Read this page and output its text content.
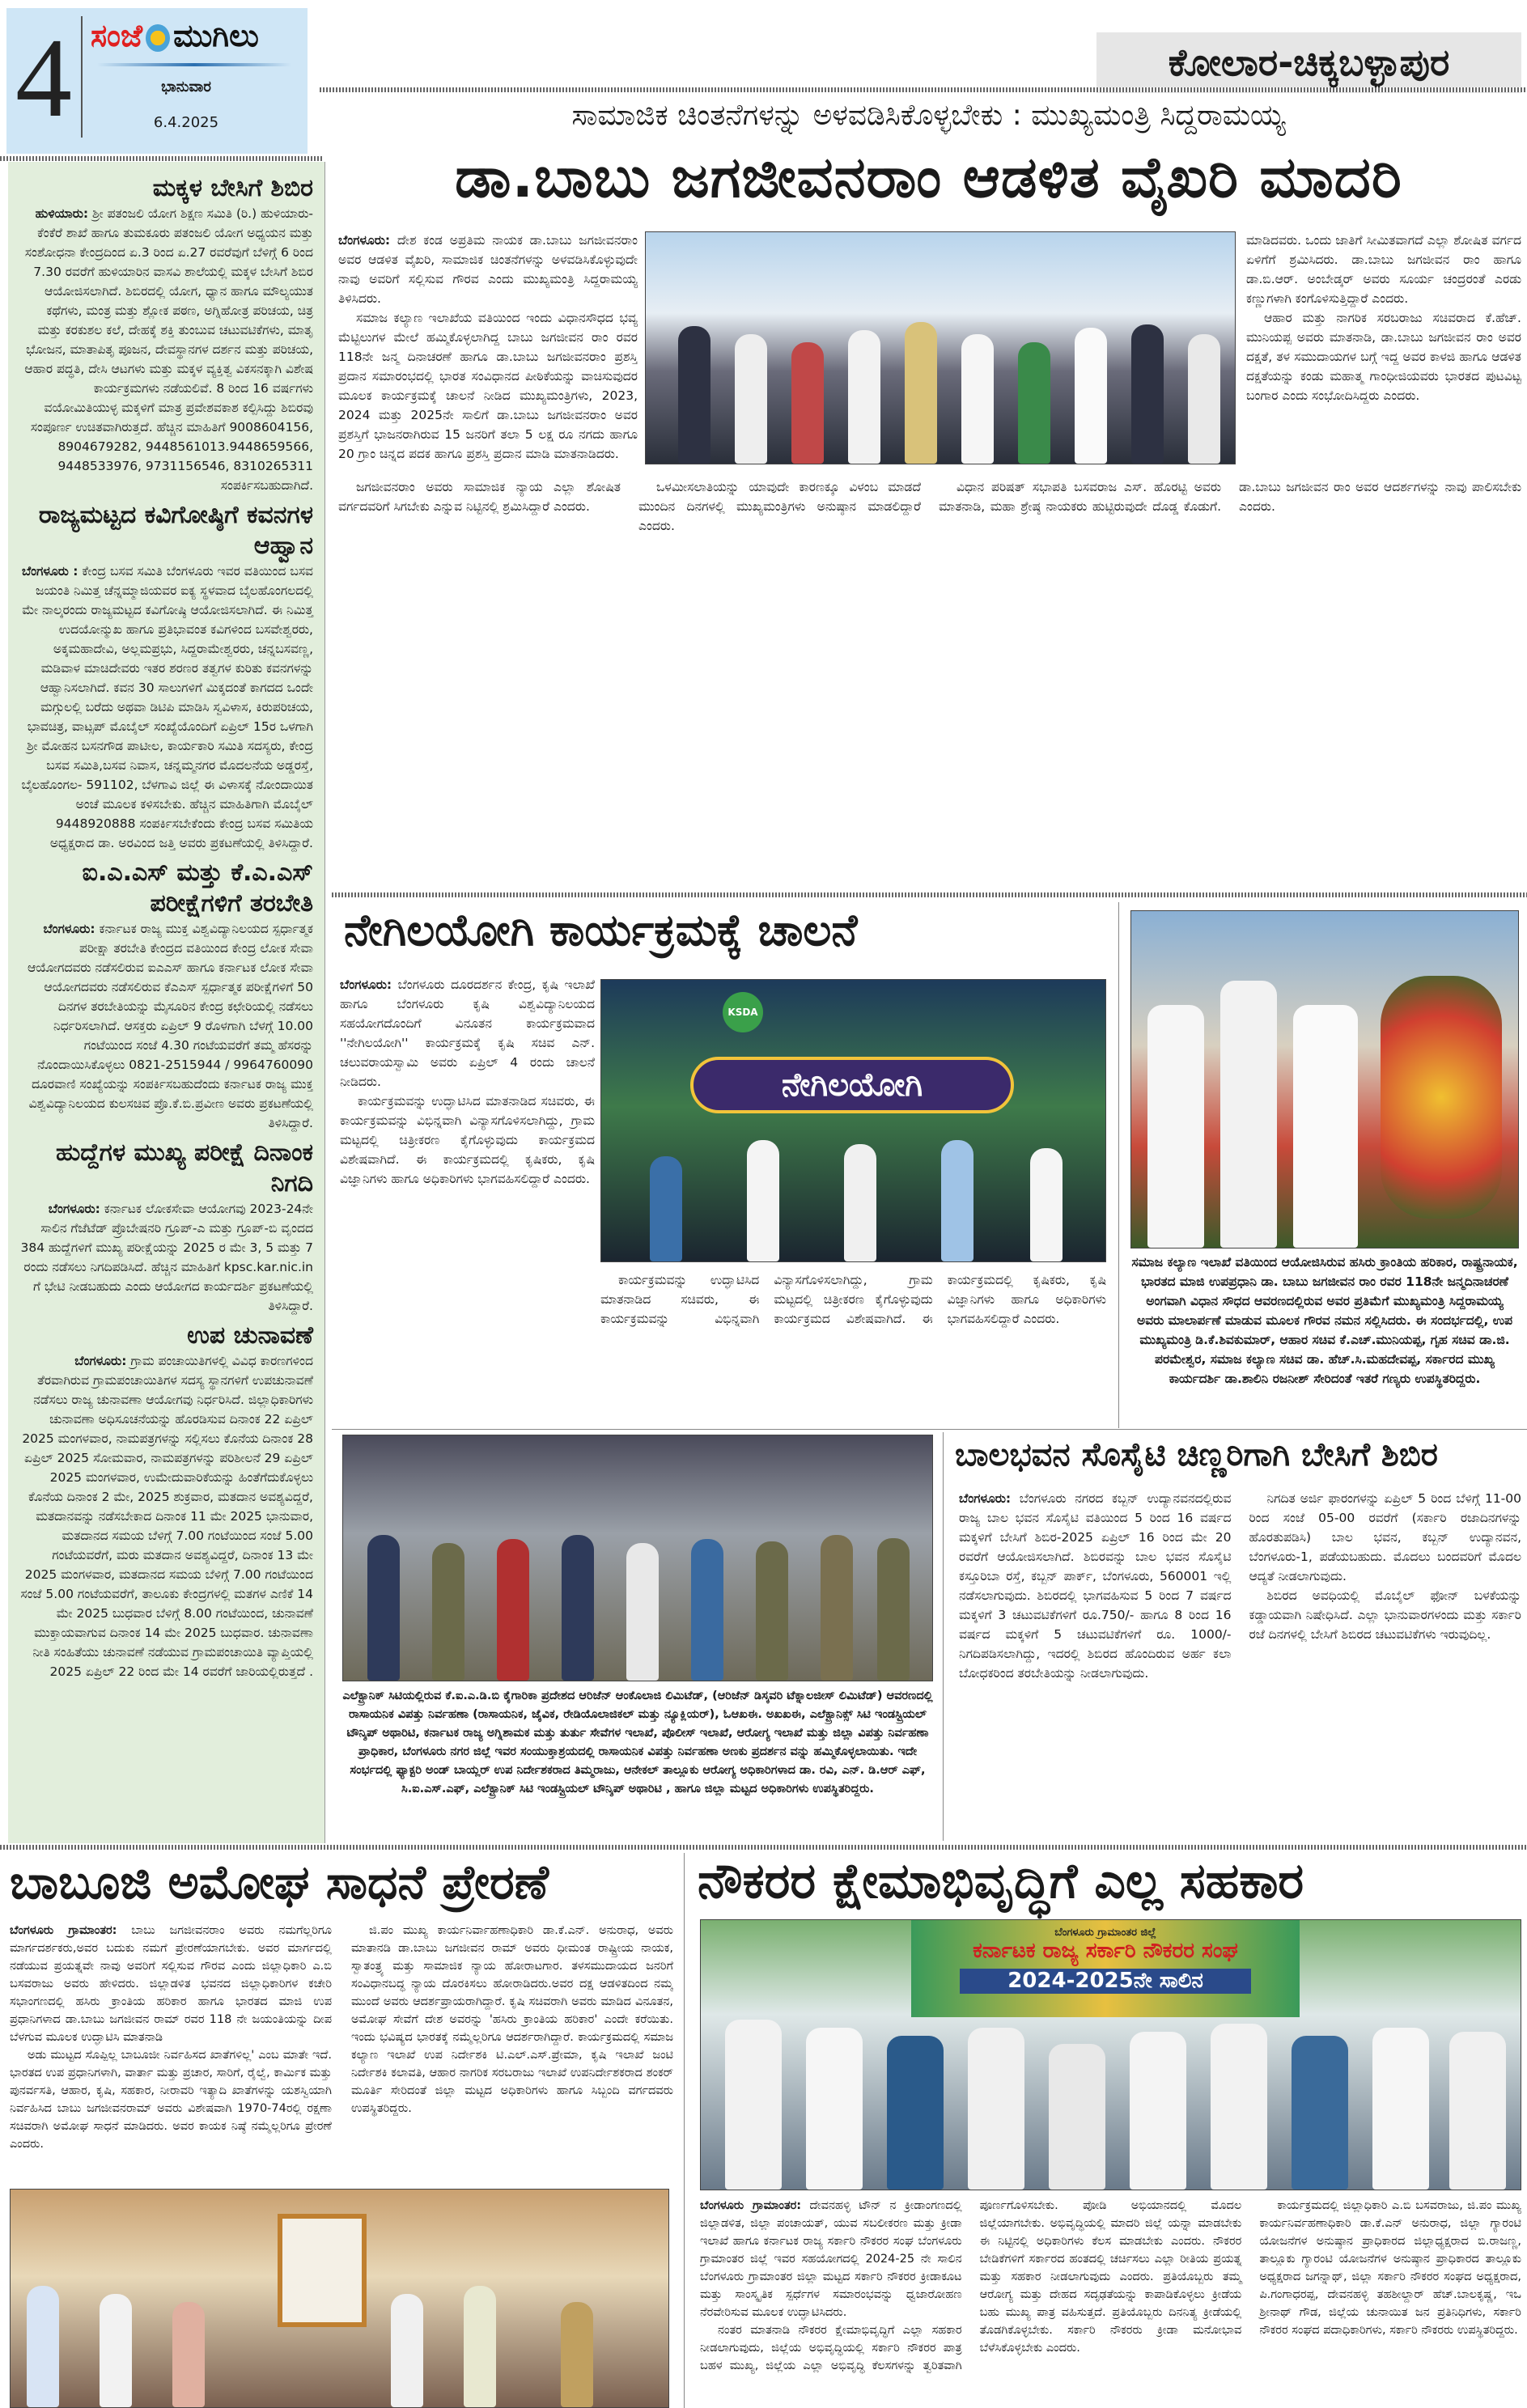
4 ಸಂಜೆ ಮುಗಿಲು
ಭಾನುವಾರ
6.4.2025
ಕೋಲಾರ-ಚಿಕ್ಕಬಳ್ಳಾಪುರ
ಮಕ್ಕಳ ಬೇಸಿಗೆ ಶಿಬಿರ

ಹುಳಿಯಾರು: ಶ್ರೀ ಪತಂಜಲಿ ಯೋಗ ಶಿಕ್ಷಣ ಸಮಿತಿ (ರಿ.) ಹುಳಿಯಾರು-ಕೆಂಕೆರೆ ಶಾಖೆ ಹಾಗೂ ತುಮಕೂರು ಪತಂಜಲಿ ಯೋಗ ಅಧ್ಯಯನ ಮತ್ತು ಸಂಶೋಧನಾ ಕೇಂದ್ರದಿಂದ ಏ.3 ರಿಂದ ಏ.27 ರವರೆವುಗೆ ಬೆಳಿಗ್ಗೆ 6 ರಿಂದ 7.30 ರವರೆಗೆ ಹುಳಿಯಾರಿನ ವಾಸವಿ ಶಾಲೆಯಲ್ಲಿ ಮಕ್ಕಳ ಬೇಸಿಗೆ ಶಿಬಿರ ಆಯೋಜಿಸಲಾಗಿದೆ. ಶಿಬಿರದಲ್ಲಿ ಯೋಗ, ಧ್ಯಾನ ಹಾಗೂ ಮೌಲ್ಯಯುತ ಕಥೆಗಳು, ಮಂತ್ರ ಮತ್ತು ಶ್ಲೋಕ ಪಠಣ, ಅಗ್ನಿಹೋತ್ರ ಪರಿಚಯ, ಚಿತ್ರ ಮತ್ತು ಕರಕುಶಲ ಕಲೆ, ದೇಹಕ್ಕೆ ಶಕ್ತಿ ತುಂಬುವ ಚಟುವಟಿಕೆಗಳು, ಮಾತೃ ಭೋಜನ, ಮಾತಾಪಿತೃ ಪೂಜನ, ದೇವಸ್ಥಾನಗಳ ದರ್ಶನ ಮತ್ತು ಪರಿಚಯ, ಆಹಾರ ಪದ್ಧತಿ, ದೇಸಿ ಆಟಗಳು ಮತ್ತು ಮಕ್ಕಳ ವ್ಯಕ್ತಿತ್ವ ವಿಕಸನಕ್ಕಾಗಿ ವಿಶೇಷ ಕಾರ್ಯಕ್ರಮಗಳು ನಡೆಯಲಿವೆ. 8 ರಿಂದ 16 ವರ್ಷಗಳು ವಯೋಮಿತಿಯುಳ್ಳ ಮಕ್ಕಳಿಗೆ ಮಾತ್ರ ಪ್ರವೇಶವಕಾಶ ಕಲ್ಪಿಸಿದ್ದು ಶಿಬಿರವು ಸಂಪೂರ್ಣ ಉಚಿತವಾಗಿರುತ್ತದೆ. ಹೆಚ್ಚಿನ ಮಾಹಿತಿಗೆ 9008604156, 8904679282, 9448561013.9448659566, 9448533976, 9731156546, 8310265311 ಸಂಪರ್ಕಿಸಬಹುದಾಗಿದೆ.

ರಾಜ್ಯಮಟ್ಟದ ಕವಿಗೋಷ್ಠಿಗೆ ಕವನಗಳ ಆಹ್ವಾನ

ಬೆಂಗಳೂರು : ಕೇಂದ್ರ ಬಸವ ಸಮಿತಿ ಬೆಂಗಳೂರು ಇವರ ವತಿಯಿಂದ ಬಸವ ಜಯಂತಿ ನಿಮಿತ್ತ ಚೆನ್ನಮ್ಮಾಜಿಯವರ ಐಕ್ಯ ಸ್ಥಳವಾದ ಬೈಲಹೊಂಗಲದಲ್ಲಿ ಮೇ ನಾಲ್ಕರಂದು ರಾಜ್ಯಮಟ್ಟದ ಕವಿಗೋಷ್ಠಿ ಆಯೋಜಿಸಲಾಗಿದೆ. ಈ ನಿಮಿತ್ತ ಉದಯೋನ್ಮುಖ ಹಾಗೂ ಪ್ರತಿಭಾವಂತ ಕವಿಗಳಿಂದ ಬಸವೇಶ್ವರರು, ಅಕ್ಕಮಹಾದೇವಿ, ಅಲ್ಲಮಪ್ರಭು, ಸಿದ್ದರಾಮೇಶ್ವರರು, ಚನ್ನಬಸವಣ್ಣ, ಮಡಿವಾಳ ಮಾಚಿದೇವರು ಇತರ ಶರಣರ ತತ್ವಗಳ ಕುರಿತು ಕವನಗಳನ್ನು ಆಹ್ವಾನಿಸಲಾಗಿದೆ. ಕವನ 30 ಸಾಲುಗಳಿಗೆ ಮಿಕ್ಕದಂತೆ ಕಾಗದದ ಒಂದೇ ಮಗ್ಗುಲಲ್ಲಿ ಬರೆದು ಅಥವಾ ಡಿಟಿಪಿ ಮಾಡಿಸಿ ಸ್ವವಿಳಾಸ, ಕಿರುಪರಿಚಯ, ಭಾವಚಿತ್ರ, ವಾಟ್ಸಪ್ ಮೊಬೈಲ್ ಸಂಖ್ಯೆಯೊಂದಿಗೆ ಏಪ್ರಿಲ್ 15ರ ಒಳಗಾಗಿ ಶ್ರೀ ಮೋಹನ ಬಸನಗೌಡ ಪಾಟೀಲ, ಕಾರ್ಯಕಾರಿ ಸಮಿತಿ ಸದಸ್ಯರು, ಕೇಂದ್ರ ಬಸವ ಸಮಿತಿ,ಬಸವ ನಿವಾಸ, ಚನ್ನಮ್ಮನಗರ ಮೊದಲನೆಯ ಅಡ್ಡರಸ್ತೆ, ಬೈಲಹೊಂಗಲ- 591102, ಬೆಳಗಾವಿ ಜಿಲ್ಲೆ ಈ ವಿಳಾಸಕ್ಕೆ ನೋಂದಾಯಿತ ಅಂಚೆ ಮೂಲಕ ಕಳಿಸಬೇಕು. ಹೆಚ್ಚಿನ ಮಾಹಿತಿಗಾಗಿ ಮೊಬೈಲ್ 9448920888 ಸಂಪರ್ಕಿಸಬೇಕೆಂದು ಕೇಂದ್ರ ಬಸವ ಸಮಿತಿಯ ಅಧ್ಯಕ್ಷರಾದ ಡಾ. ಅರವಿಂದ ಜತ್ತಿ ಅವರು ಪ್ರಕಟಣೆಯಲ್ಲಿ ತಿಳಿಸಿದ್ದಾರೆ.

ಐ.ಎ.ಎಸ್ ಮತ್ತು ಕೆ.ಎ.ಎಸ್ ಪರೀಕ್ಷೆಗಳಿಗೆ ತರಬೇತಿ

ಬೆಂಗಳೂರು: ಕರ್ನಾಟಕ ರಾಜ್ಯ ಮುಕ್ತ ವಿಶ್ವವಿದ್ಯಾನಿಲಯದ ಸ್ಪರ್ಧಾತ್ಮಕ ಪರೀಕ್ಷಾ ತರಬೇತಿ ಕೇಂದ್ರದ ವತಿಯಿಂದ ಕೇಂದ್ರ ಲೋಕ ಸೇವಾ ಆಯೋಗದವರು ನಡೆಸಲಿರುವ ಐಎಎಸ್ ಹಾಗೂ ಕರ್ನಾಟಕ ಲೋಕ ಸೇವಾ ಆಯೋಗದವರು ನಡೆಸಲಿರುವ ಕೆಎಎಸ್ ಸ್ಪರ್ಧಾತ್ಮಕ ಪರೀಕ್ಷೆಗಳಿಗೆ 50 ದಿನಗಳ ತರಬೇತಿಯನ್ನು ಮೈಸೂರಿನ ಕೇಂದ್ರ ಕಛೇರಿಯಲ್ಲಿ ನಡೆಸಲು ನಿರ್ಧರಿಸಲಾಗಿದೆ. ಆಸಕ್ತರು ಏಪ್ರಿಲ್ 9 ರೊಳಗಾಗಿ ಬೆಳಗ್ಗೆ 10.00 ಗಂಟೆಯಿಂದ ಸಂಜೆ 4.30 ಗಂಟೆಯವರೆಗೆ ತಮ್ಮ ಹೆಸರನ್ನು ನೊಂದಾಯಿಸಿಕೊಳ್ಳಲು 0821-2515944 / 9964760090 ದೂರವಾಣಿ ಸಂಖ್ಯೆಯನ್ನು ಸಂಪರ್ಕಿಸಬಹುದೆಂದು ಕರ್ನಾಟಕ ರಾಜ್ಯ ಮುಕ್ತ ವಿಶ್ವವಿದ್ಯಾನಿಲಯದ ಕುಲಸಚಿವ ಪ್ರೊ.ಕೆ.ಬಿ.ಪ್ರವೀಣ ಅವರು ಪ್ರಕಟಣೆಯಲ್ಲಿ ತಿಳಿಸಿದ್ದಾರೆ.

ಹುದ್ದೆಗಳ ಮುಖ್ಯ ಪರೀಕ್ಷೆ ದಿನಾಂಕ ನಿಗದಿ

ಬೆಂಗಳೂರು: ಕರ್ನಾಟಕ ಲೋಕಸೇವಾ ಆಯೋಗವು 2023-24ನೇ ಸಾಲಿನ ಗೆಜೆಟೆಡ್ ಪ್ರೊಬೇಷನರಿ ಗ್ರೂಪ್-ಎ ಮತ್ತು ಗ್ರೂಪ್-ಬಿ ವೃಂದದ 384 ಹುದ್ದೆಗಳಿಗೆ ಮುಖ್ಯ ಪರೀಕ್ಷೆಯನ್ನು 2025 ರ ಮೇ 3, 5 ಮತ್ತು 7 ರಂದು ನಡೆಸಲು ನಿಗದಿಪಡಿಸಿದೆ. ಹೆಚ್ಚಿನ ಮಾಹಿತಿಗೆ kpsc.kar.nic.in ಗೆ ಭೇಟಿ ನೀಡಬಹುದು ಎಂದು ಆಯೋಗದ ಕಾರ್ಯದರ್ಶಿ ಪ್ರಕಟಣೆಯಲ್ಲಿ ತಿಳಿಸಿದ್ದಾರೆ.

ಉಪ ಚುನಾವಣೆ

ಬೆಂಗಳೂರು: ಗ್ರಾಮ ಪಂಚಾಯಿತಿಗಳಲ್ಲಿ ವಿವಿಧ ಕಾರಣಗಳಿಂದ ತೆರವಾಗಿರುವ ಗ್ರಾಮಪಂಚಾಯಿತಿಗಳ ಸದಸ್ಯ ಸ್ಥಾನಗಳಿಗೆ ಉಪಚುನಾವಣೆ ನಡೆಸಲು ರಾಜ್ಯ ಚುನಾವಣಾ ಆಯೋಗವು ನಿರ್ಧರಿಸಿದೆ. ಜಿಲ್ಲಾಧಿಕಾರಿಗಳು ಚುನಾವಣಾ ಅಧಿಸೂಚನೆಯನ್ನು ಹೊರಡಿಸುವ ದಿನಾಂಕ 22 ಏಪ್ರಿಲ್ 2025 ಮಂಗಳವಾರ, ನಾಮಪತ್ರಗಳನ್ನು ಸಲ್ಲಿಸಲು ಕೊನೆಯ ದಿನಾಂಕ 28 ಏಪ್ರಿಲ್ 2025 ಸೋಮವಾರ, ನಾಮಪತ್ರಗಳನ್ನು ಪರಿಶೀಲನೆ 29 ಏಪ್ರಿಲ್ 2025 ಮಂಗಳವಾರ, ಉಮೇದುವಾರಿಕೆಯನ್ನು ಹಿಂತೆಗೆದುಕೊಳ್ಳಲು ಕೊನೆಯ ದಿನಾಂಕ 2 ಮೇ, 2025 ಶುಕ್ರವಾರ, ಮತದಾನ ಅವಶ್ಯವಿದ್ದರೆ, ಮತದಾನವನ್ನು ನಡೆಸಬೇಕಾದ ದಿನಾಂಕ 11 ಮೇ 2025 ಭಾನುವಾರ, ಮತದಾನದ ಸಮಯ ಬೆಳಿಗ್ಗೆ 7.00 ಗಂಟೆಯಿಂದ ಸಂಜೆ 5.00 ಗಂಟೆಯವರೆಗೆ, ಮರು ಮತದಾನ ಅವಶ್ಯವಿದ್ದರೆ, ದಿನಾಂಕ 13 ಮೇ 2025 ಮಂಗಳವಾರ, ಮತದಾನದ ಸಮಯ ಬೆಳಿಗ್ಗೆ 7.00 ಗಂಟೆಯಿಂದ ಸಂಜೆ 5.00 ಗಂಟೆಯವರೆಗೆ, ತಾಲೂಕು ಕೇಂದ್ರಗಳಲ್ಲಿ ಮತಗಳ ಎಣಿಕೆ 14 ಮೇ 2025 ಬುಧವಾರ ಬೆಳಿಗ್ಗೆ 8.00 ಗಂಟೆಯಿಂದ, ಚುನಾವಣೆ ಮುಕ್ತಾಯವಾಗುವ ದಿನಾಂಕ 14 ಮೇ 2025 ಬುಧವಾರ. ಚುನಾವಣಾ ನೀತಿ ಸಂಹಿತೆಯು ಚುನಾವಣೆ ನಡೆಯುವ ಗ್ರಾಮಪಂಚಾಯಿತಿ ವ್ಯಾಪ್ತಿಯಲ್ಲಿ 2025 ಏಪ್ರಿಲ್ 22 ರಿಂದ ಮೇ 14 ರವರೆಗೆ ಜಾರಿಯಲ್ಲಿರುತ್ತದೆ .

ಸಾಮಾಜಿಕ ಚಿಂತನೆಗಳನ್ನು ಅಳವಡಿಸಿಕೊಳ್ಳಬೇಕು : ಮುಖ್ಯಮಂತ್ರಿ ಸಿದ್ದರಾಮಯ್ಯ
ಡಾ.ಬಾಬು ಜಗಜೀವನರಾಂ ಆಡಳಿತ ವೈಖರಿ ಮಾದರಿ

ಬೆಂಗಳೂರು: ದೇಶ ಕಂಡ ಅಪ್ರತಿಮ ನಾಯಕ ಡಾ.ಬಾಬು ಜಗಜೀವನರಾಂ ಅವರ ಆಡಳಿತ ವೈಖರಿ, ಸಾಮಾಜಿಕ ಚಿಂತನೆಗಳನ್ನು ಅಳವಡಿಸಿಕೊಳ್ಳುವುದೇ ನಾವು ಅವರಿಗೆ ಸಲ್ಲಿಸುವ ಗೌರವ ಎಂದು ಮುಖ್ಯಮಂತ್ರಿ ಸಿದ್ದರಾಮಯ್ಯ ತಿಳಿಸಿದರು.

ಸಮಾಜ ಕಲ್ಯಾಣ ಇಲಾಖೆಯ ವತಿಯಿಂದ ಇಂದು ವಿಧಾನಸೌಧದ ಭವ್ಯ ಮೆಟ್ಟಿಲುಗಳ ಮೇಲೆ ಹಮ್ಮಿಕೊಳ್ಳಲಾಗಿದ್ದ ಬಾಬು ಜಗಜೀವನ ರಾಂ ರವರ 118ನೇ ಜನ್ಮ ದಿನಾಚರಣೆ ಹಾಗೂ ಡಾ.ಬಾಬು ಜಗಜೀವನರಾಂ ಪ್ರಶಸ್ತಿ ಪ್ರದಾನ ಸಮಾರಂಭದಲ್ಲಿ ಭಾರತ ಸಂವಿಧಾನದ ಪೀಠಿಕೆಯನ್ನು ವಾಚಿಸುವುದರ ಮೂಲಕ ಕಾರ್ಯಕ್ರಮಕ್ಕೆ ಚಾಲನೆ ನೀಡಿದ ಮುಖ್ಯಮಂತ್ರಿಗಳು, 2023, 2024 ಮತ್ತು 2025ನೇ ಸಾಲಿಗೆ ಡಾ.ಬಾಬು ಜಗಜೀವನರಾಂ ಅವರ ಪ್ರಶಸ್ತಿಗೆ ಭಾಜನರಾಗಿರುವ 15 ಜನರಿಗೆ ತಲಾ 5 ಲಕ್ಷ ರೂ ನಗದು ಹಾಗೂ 20 ಗ್ರಾಂ ಚಿನ್ನದ ಪದಕ ಹಾಗೂ ಪ್ರಶಸ್ತಿ ಪ್ರದಾನ ಮಾಡಿ ಮಾತನಾಡಿದರು.

ಮಾಡಿದವರು. ಒಂದು ಜಾತಿಗೆ ಸೀಮಿತವಾಗದೆ ಎಲ್ಲಾ ಶೋಷಿತ ವರ್ಗದ ಏಳಿಗೆಗೆ ಶ್ರಮಿಸಿದರು. ಡಾ.ಬಾಬು ಜಗಜೀವನ ರಾಂ ಹಾಗೂ ಡಾ.ಬಿ.ಆರ್. ಅಂಬೇಡ್ಕರ್ ಅವರು ಸೂರ್ಯ ಚಂದ್ರರಂತೆ ಎರಡು ಕಣ್ಣುಗಳಾಗಿ ಕಂಗೊಳಿಸುತ್ತಿದ್ದಾರೆ ಎಂದರು.

ಆಹಾರ ಮತ್ತು ನಾಗರಿಕ ಸರಬರಾಜು ಸಚಿವರಾದ ಕೆ.ಹೆಚ್. ಮುನಿಯಪ್ಪ ಅವರು ಮಾತನಾಡಿ, ಡಾ.ಬಾಬು ಜಗಜೀವನ ರಾಂ ಅವರ ದಕ್ಷತೆ, ತಳ ಸಮುದಾಯಗಳ ಬಗ್ಗೆ ಇದ್ದ ಅವರ ಕಾಳಜಿ ಹಾಗೂ ಆಡಳಿತ ದಕ್ಷತೆಯನ್ನು ಕಂಡು ಮಹಾತ್ಮ ಗಾಂಧೀಜಿಯವರು ಭಾರತದ ಪುಟವಿಟ್ಟ ಬಂಗಾರ ಎಂದು ಸಂಭೋದಿಸಿದ್ದರು ಎಂದರು.

ಜಗಜೀವನರಾಂ ಅವರು ಸಾಮಾಜಿಕ ನ್ಯಾಯ ಎಲ್ಲಾ ಶೋಷಿತ ವರ್ಗದವರಿಗೆ ಸಿಗಬೇಕು ಎನ್ನುವ ನಿಟ್ಟಿನಲ್ಲಿ ಶ್ರಮಿಸಿದ್ದಾರೆ ಎಂದರು.

ಒಳಮೀಸಲಾತಿಯನ್ನು ಯಾವುದೇ ಕಾರಣಕ್ಕೂ ವಿಳಂಬ ಮಾಡದೆ ಮುಂದಿನ ದಿನಗಳಲ್ಲಿ ಮುಖ್ಯಮಂತ್ರಿಗಳು ಅನುಷ್ಠಾನ ಮಾಡಲಿದ್ದಾರೆ ಎಂದರು.

ವಿಧಾನ ಪರಿಷತ್ ಸಭಾಪತಿ ಬಸವರಾಜ ಎಸ್. ಹೊರಟ್ಟಿ ಅವರು ಮಾತನಾಡಿ, ಮಹಾ ಶ್ರೇಷ್ಠ ನಾಯಕರು ಹುಟ್ಟಿರುವುದೇ ದೊಡ್ಡ ಕೊಡುಗೆ. ಡಾ.ಬಾಬು ಜಗಜೀವನ ರಾಂ ಅವರ ಆದರ್ಶಗಳನ್ನು ನಾವು ಪಾಲಿಸಬೇಕು ಎಂದರು.

ನೇಗಿಲಯೋಗಿ ಕಾರ್ಯಕ್ರಮಕ್ಕೆ ಚಾಲನೆ

ಬೆಂಗಳೂರು: ಬೆಂಗಳೂರು ದೂರದರ್ಶನ ಕೇಂದ್ರ, ಕೃಷಿ ಇಲಾಖೆ ಹಾಗೂ ಬೆಂಗಳೂರು ಕೃಷಿ ವಿಶ್ವವಿದ್ಯಾನಿಲಯದ ಸಹಯೋಗದೊಂದಿಗೆ ವಿನೂತನ ಕಾರ್ಯಕ್ರಮವಾದ ''ನೇಗಿಲಯೋಗಿ'' ಕಾರ್ಯಕ್ರಮಕ್ಕೆ ಕೃಷಿ ಸಚಿವ ಎನ್. ಚಲುವರಾಯಸ್ವಾಮಿ ಅವರು ಏಪ್ರಿಲ್ 4 ರಂದು ಚಾಲನೆ ನೀಡಿದರು.

ಕಾರ್ಯಕ್ರಮವನ್ನು ಉದ್ಘಾಟಿಸಿದ ಮಾತನಾಡಿದ ಸಚಿವರು, ಈ ಕಾರ್ಯಕ್ರಮವನ್ನು ವಿಭಿನ್ನವಾಗಿ ವಿನ್ಯಾಸಗೊಳಿಸಲಾಗಿದ್ದು, ಗ್ರಾಮ ಮಟ್ಟದಲ್ಲಿ ಚಿತ್ರೀಕರಣ ಕೈಗೊಳ್ಳುವುದು ಕಾರ್ಯಕ್ರಮದ ವಿಶೇಷವಾಗಿದೆ. ಈ ಕಾರ್ಯಕ್ರಮದಲ್ಲಿ ಕೃಷಿಕರು, ಕೃಷಿ ವಿಜ್ಞಾನಿಗಳು ಹಾಗೂ ಅಧಿಕಾರಿಗಳು ಭಾಗವಹಿಸಲಿದ್ದಾರೆ ಎಂದರು.

ನೇಗಿಲಯೋಗಿ
KSDA

ಕಾರ್ಯಕ್ರಮವನ್ನು ಉದ್ಘಾಟಿಸಿದ ಮಾತನಾಡಿದ ಸಚಿವರು, ಈ ಕಾರ್ಯಕ್ರಮವನ್ನು ವಿಭಿನ್ನವಾಗಿ ವಿನ್ಯಾಸಗೊಳಿಸಲಾಗಿದ್ದು, ಗ್ರಾಮ ಮಟ್ಟದಲ್ಲಿ ಚಿತ್ರೀಕರಣ ಕೈಗೊಳ್ಳುವುದು ಕಾರ್ಯಕ್ರಮದ ವಿಶೇಷವಾಗಿದೆ. ಈ ಕಾರ್ಯಕ್ರಮದಲ್ಲಿ ಕೃಷಿಕರು, ಕೃಷಿ ವಿಜ್ಞಾನಿಗಳು ಹಾಗೂ ಅಧಿಕಾರಿಗಳು ಭಾಗವಹಿಸಲಿದ್ದಾರೆ ಎಂದರು.

ಸಮಾಜ ಕಲ್ಯಾಣ ಇಲಾಖೆ ವತಿಯಿಂದ ಆಯೋಜಿಸಿರುವ ಹಸಿರು ಕ್ರಾಂತಿಯ ಹರಿಕಾರ, ರಾಷ್ಟ್ರನಾಯಕ, ಭಾರತದ ಮಾಜಿ ಉಪಪ್ರಧಾನಿ ಡಾ. ಬಾಬು ಜಗಜೀವನ ರಾಂ ರವರ 118ನೇ ಜನ್ಮದಿನಾಚರಣೆ ಅಂಗವಾಗಿ ವಿಧಾನ ಸೌಧದ ಆವರಣದಲ್ಲಿರುವ ಅವರ ಪ್ರತಿಮೆಗೆ ಮುಖ್ಯಮಂತ್ರಿ ಸಿದ್ದರಾಮಯ್ಯ ಅವರು ಮಾಲಾರ್ಪಣೆ ಮಾಡುವ ಮೂಲಕ ಗೌರವ ನಮನ ಸಲ್ಲಿಸಿದರು. ಈ ಸಂದರ್ಭದಲ್ಲಿ, ಉಪ ಮುಖ್ಯಮಂತ್ರಿ ಡಿ.ಕೆ.ಶಿವಕುಮಾರ್, ಆಹಾರ ಸಚಿವ ಕೆ.ಎಚ್.ಮುನಿಯಪ್ಪ, ಗೃಹ ಸಚಿವ ಡಾ.ಜಿ. ಪರಮೇಶ್ವರ, ಸಮಾಜ ಕಲ್ಯಾಣ ಸಚಿವ ಡಾ. ಹೆಚ್.ಸಿ.ಮಹದೇವಪ್ಪ, ಸರ್ಕಾರದ ಮುಖ್ಯ ಕಾರ್ಯದರ್ಶಿ ಡಾ.ಶಾಲಿನಿ ರಜನೀಶ್ ಸೇರಿದಂತೆ ಇತರೆ ಗಣ್ಯರು ಉಪಸ್ಥಿತರಿದ್ದರು.
ಎಲೆಕ್ಟ್ರಾನಿಕ್ ಸಿಟಿಯಲ್ಲಿರುವ ಕೆ.ಐ.ಎ.ಡಿ.ಬಿ ಕೈಗಾರಿಕಾ ಪ್ರದೇಶದ ಆರಿಜೆನ್ ಆಂಕೊಲಾಜಿ ಲಿಮಿಟೆಡ್, (ಆರಿಜೆನ್ ಡಿಸ್ಕವರಿ ಟೆಕ್ನಾಲಜೀಸ್ ಲಿಮಿಟೆಡ್) ಆವರಣದಲ್ಲಿ ರಾಸಾಯನಿಕ ವಿಪತ್ತು ನಿರ್ವಹಣಾ (ರಾಸಾಯನಿಕ, ಜೈವಿಕ, ರೇಡಿಯೊಲಾಜಿಕಲ್ ಮತ್ತು ನ್ಯೂಕ್ಲಿಯರ್), ಓಆಖಈ. ಅಖಖಈ, ಎಲೆಕ್ಟ್ರಾನಿಕ್ಸ್ ಸಿಟಿ ಇಂಡಸ್ಟ್ರಿಯಲ್ ಟೌನ್ಶಿಪ್ ಅಥಾರಿಟಿ, ಕರ್ನಾಟಕ ರಾಜ್ಯ ಅಗ್ನಿಶಾಮಕ ಮತ್ತು ತುರ್ತು ಸೇವೆಗಳ ಇಲಾಖೆ, ಪೊಲೀಸ್ ಇಲಾಖೆ, ಆರೋಗ್ಯ ಇಲಾಖೆ ಮತ್ತು ಜಿಲ್ಲಾ ವಿಪತ್ತು ನಿರ್ವಹಣಾ ಪ್ರಾಧಿಕಾರ, ಬೆಂಗಳೂರು ನಗರ ಜಿಲ್ಲೆ ಇವರ ಸಂಯುಕ್ತಾಶ್ರಯದಲ್ಲಿ ರಾಸಾಯನಿಕ ವಿಪತ್ತು ನಿರ್ವಹಣಾ ಅಣಕು ಪ್ರದರ್ಶನ ವನ್ನು ಹಮ್ಮಿಕೊಳ್ಳಲಾಯಿತು. ಇದೇ ಸಂರ್ಭದಲ್ಲಿ ಫ್ಯಾಕ್ಟರಿ ಅಂಡ್ ಬಾಯ್ಲರ್ ಉಪ ನಿರ್ದೇಶಕರಾದ ತಿಮ್ಮರಾಜು, ಆನೇಕಲ್ ತಾಲ್ಲೂಕು ಆರೋಗ್ಯ ಅಧಿಕಾರಿಗಳಾದ ಡಾ. ರವಿ, ಎನ್. ಡಿ.ಆರ್ ಎಫ್, ಸಿ.ಐ.ಎಸ್.ಎಫ್, ಎಲೆಕ್ಟ್ರಾನಿಕ್ ಸಿಟಿ ಇಂಡಸ್ಟ್ರಿಯಲ್ ಟೌನ್ಶಿಪ್ ಅಥಾರಿಟಿ , ಹಾಗೂ ಜಿಲ್ಲಾ ಮಟ್ಟದ ಅಧಿಕಾರಿಗಳು ಉಪಸ್ಥಿತರಿದ್ದರು.
ಬಾಲಭವನ ಸೊಸೈಟಿ ಚಿಣ್ಣರಿಗಾಗಿ ಬೇಸಿಗೆ ಶಿಬಿರ

ಬೆಂಗಳೂರು: ಬೆಂಗಳೂರು ನಗರದ ಕಬ್ಬನ್ ಉದ್ಯಾನವನದಲ್ಲಿರುವ ರಾಜ್ಯ ಬಾಲ ಭವನ ಸೊಸೈಟಿ ವತಿಯಿಂದ 5 ರಿಂದ 16 ವರ್ಷದ ಮಕ್ಕಳಿಗೆ ಬೇಸಿಗೆ ಶಿಬಿರ-2025 ಏಪ್ರಿಲ್ 16 ರಿಂದ ಮೇ 20 ರವರೆಗೆ ಆಯೋಜಿಸಲಾಗಿದೆ. ಶಿಬಿರವನ್ನು ಬಾಲ ಭವನ ಸೊಸೈಟಿ ಕಸ್ತೂರಿಬಾ ರಸ್ತೆ, ಕಬ್ಬನ್ ಪಾರ್ಕ್, ಬೆಂಗಳೂರು, 560001 ಇಲ್ಲಿ ನಡೆಸಲಾಗುವುದು. ಶಿಬಿರದಲ್ಲಿ ಭಾಗವಹಿಸುವ 5 ರಿಂದ 7 ವರ್ಷದ ಮಕ್ಕಳಿಗೆ 3 ಚಟುವಟಿಕೆಗಳಿಗೆ ರೂ.750/- ಹಾಗೂ 8 ರಿಂದ 16 ವರ್ಷದ ಮಕ್ಕಳಿಗೆ 5 ಚಟುವಟಿಕೆಗಳಿಗೆ ರೂ. 1000/- ನಿಗದಿಪಡಿಸಲಾಗಿದ್ದು, ಇದರಲ್ಲಿ ಶಿಬಿರದ ಹೊಂದಿರುವ ಅರ್ಹ ಕಲಾ ಬೋಧಕರಿಂದ ತರಬೇತಿಯನ್ನು ನೀಡಲಾಗುವುದು.

ನಿಗದಿತ ಅರ್ಜಿ ಫಾರಂಗಳನ್ನು ಏಪ್ರಿಲ್ 5 ರಿಂದ ಬೆಳಿಗ್ಗೆ 11-00 ರಿಂದ ಸಂಜೆ 05-00 ರವರೆಗೆ (ಸರ್ಕಾರಿ ರಜಾದಿನಗಳನ್ನು ಹೊರತುಪಡಿಸಿ) ಬಾಲ ಭವನ, ಕಬ್ಬನ್ ಉದ್ಯಾನವನ, ಬೆಂಗಳೂರು-1, ಪಡೆಯಬಹುದು. ಮೊದಲು ಬಂದವರಿಗೆ ಮೊದಲ ಆದ್ಯತೆ ನೀಡಲಾಗುವುದು.

ಶಿಬಿರದ ಅವಧಿಯಲ್ಲಿ ಮೊಬೈಲ್ ಫೋನ್ ಬಳಕೆಯನ್ನು ಕಡ್ಡಾಯವಾಗಿ ನಿಷೇಧಿಸಿದೆ. ಎಲ್ಲಾ ಭಾನುವಾರಗಳಂದು ಮತ್ತು ಸರ್ಕಾರಿ ರಜೆ ದಿನಗಳಲ್ಲಿ ಬೇಸಿಗೆ ಶಿಬಿರದ ಚಟುವಟಿಕೆಗಳು ಇರುವುದಿಲ್ಲ.

ಬಾಬೂಜಿ ಅಮೋಘ ಸಾಧನೆ ಪ್ರೇರಣೆ

ಬೆಂಗಳೂರು ಗ್ರಾಮಾಂತರ: ಬಾಬು ಜಗಜೀವನರಾಂ ಅವರು ನಮಗೆಲ್ಲರಿಗೂ ಮಾರ್ಗದರ್ಶಕರು,ಅವರ ಬದುಕು ನಮಗೆ ಪ್ರೇರಣೆಯಾಗಬೇಕು. ಅವರ ಮಾರ್ಗದಲ್ಲಿ ನಡೆಯುವ ಪ್ರಯತ್ನವೇ ನಾವು ಅವರಿಗೆ ಸಲ್ಲಿಸುವ ಗೌರವ ಎಂದು ಜಿಲ್ಲಾಧಿಕಾರಿ ಎ.ಬಿ ಬಸವರಾಜು ಅವರು ಹೇಳಿದರು. ಜಿಲ್ಲಾಡಳಿತ ಭವನದ ಜಿಲ್ಲಾಧಿಕಾರಿಗಳ ಕಚೇರಿ ಸಭಾಂಗಣದಲ್ಲಿ ಹಸಿರು ಕ್ರಾಂತಿಯ ಹರಿಕಾರ ಹಾಗೂ ಭಾರತದ ಮಾಜಿ ಉಪ ಪ್ರಧಾನಿಗಳಾದ ಡಾ.ಬಾಬು ಜಗಜೀವನ ರಾಮ್ ರವರ 118 ನೇ ಜಯಂತಿಯನ್ನು ದೀಪ ಬೆಳಗುವ ಮೂಲಕ ಉದ್ಘಾಟಿಸಿ ಮಾತನಾಡಿ

ಅಡು ಮುಟ್ಟದ ಸೊಪ್ಪಿಲ್ಲ ಬಾಬೂಜೀ ನಿರ್ವಹಿಸದ ಖಾತೆಗಳಿಲ್ಲ' ಎಂಬ ಮಾತೇ ಇದೆ. ಭಾರತದ ಉಪ ಪ್ರಧಾನಿಗಳಾಗಿ, ವಾರ್ತಾ ಮತ್ತು ಪ್ರಚಾರ, ಸಾರಿಗೆ, ರೈಲ್ವೆ, ಕಾರ್ಮಿಕ ಮತ್ತು ಪುನರ್ವಸತಿ, ಆಹಾರ, ಕೃಷಿ, ಸಹಕಾರ, ನೀರಾವರಿ ಇತ್ಯಾದಿ ಖಾತೆಗಳನ್ನು ಯಶಸ್ವಿಯಾಗಿ ನಿರ್ವಹಿಸಿದ ಬಾಬು ಜಗಜೀವನರಾಮ್ ಅವರು ವಿಶೇಷವಾಗಿ 1970-74ರಲ್ಲಿ ರಕ್ಷಣಾ ಸಚಿವರಾಗಿ ಅಮೋಘ ಸಾಧನೆ ಮಾಡಿದರು. ಅವರ ಕಾಯಕ ನಿಷ್ಠೆ ನಮ್ಮೆಲ್ಲರಿಗೂ ಪ್ರೇರಣೆ ಎಂದರು.

ಜಿ.ಪಂ ಮುಖ್ಯ ಕಾರ್ಯನಿರ್ವಾಹಣಾಧಿಕಾರಿ ಡಾ.ಕೆ.ಎನ್. ಅನುರಾಧ, ಅವರು ಮಾತಾನಡಿ ಡಾ.ಬಾಬು ಜಗಜೀವನ ರಾಮ್ ಅವರು ಧೀಮಂತ ರಾಷ್ಟ್ರೀಯ ನಾಯಕ, ಸ್ವಾತಂತ್ರ್ಯ ಮತ್ತು ಸಾಮಾಜಿಕ ನ್ಯಾಯ ಹೋರಾಟಗಾರ. ತಳಸಮುದಾಯದ ಜನರಿಗೆ ಸಂವಿಧಾನಬದ್ಧ ನ್ಯಾಯ ದೊರಕಿಸಲು ಹೋರಾಡಿದರು.ಅವರ ದಕ್ಷ ಆಡಳಿತದಿಂದ ನಮ್ಮ ಮುಂದೆ ಅವರು ಆದರ್ಶಪ್ರಾಯರಾಗಿದ್ದಾರೆ. ಕೃಷಿ ಸಚಿವರಾಗಿ ಅವರು ಮಾಡಿದ ವಿನೂತನ, ಅಮೋಘ ಸೇವೆಗೆ ದೇಶ ಅವರನ್ನು 'ಹಸಿರು ಕ್ರಾಂತಿಯ ಹರಿಕಾರ' ಎಂದೇ ಕರೆಯಿತು. ಇಂದು ಭವಿಷ್ಯದ ಭಾರತಕ್ಕೆ ನಮ್ಮೆಲ್ಲರಿಗೂ ಆದರ್ಶರಾಗಿದ್ದಾರೆ. ಕಾರ್ಯಕ್ರಮದಲ್ಲಿ ಸಮಾಜ ಕಲ್ಯಾಣ ಇಲಾಖೆ ಉಪ ನಿರ್ದೇಶಕಿ ಟಿ.ಎಲ್.ಎಸ್.ಪ್ರೇಮಾ, ಕೃಷಿ ಇಲಾಖೆ ಜಂಟಿ ನಿರ್ದೇಶಕಿ ಕಲಾವತಿ, ಆಹಾರ ನಾಗರಿಕ ಸರಬರಾಜು ಇಲಾಖೆ ಉಪನಿರ್ದೇಶಕರಾದ ಶಂಕರ್ ಮೂರ್ತಿ ಸೇರಿದಂತೆ ಜಿಲ್ಲಾ ಮಟ್ಟದ ಅಧಿಕಾರಿಗಳು ಹಾಗೂ ಸಿಬ್ಬಂದಿ ವರ್ಗದವರು ಉಪಸ್ಥಿತರಿದ್ದರು.

ನೌಕರರ ಕ್ಷೇಮಾಭಿವೃದ್ಧಿಗೆ ಎಲ್ಲ ಸಹಕಾರ
ಬೆಂಗಳೂರು ಗ್ರಾಮಾಂತರ ಜಿಲ್ಲೆ
ಕರ್ನಾಟಕ ರಾಜ್ಯ ಸರ್ಕಾರಿ ನೌಕರರ ಸಂಘ
2024-2025ನೇ ಸಾಲಿನ

ಬೆಂಗಳೂರು ಗ್ರಾಮಾಂತರ: ದೇವನಹಳ್ಳಿ ಟೌನ್ ನ ಕ್ರೀಡಾಂಗಣದಲ್ಲಿ ಜಿಲ್ಲಾಡಳಿತ, ಜಿಲ್ಲಾ ಪಂಚಾಯತ್, ಯುವ ಸಬಲೀಕರಣ ಮತ್ತು ಕ್ರೀಡಾ ಇಲಾಖೆ ಹಾಗೂ ಕರ್ನಾಟಕ ರಾಜ್ಯ ಸರ್ಕಾರಿ ನೌಕರರ ಸಂಘ ಬೆಂಗಳೂರು ಗ್ರಾಮಾಂತರ ಜಿಲ್ಲೆ ಇವರ ಸಹಯೋಗದಲ್ಲಿ 2024-25 ನೇ ಸಾಲಿನ ಬೆಂಗಳೂರು ಗ್ರಾಮಾಂತರ ಜಿಲ್ಲಾ ಮಟ್ಟದ ಸರ್ಕಾರಿ ನೌಕರರ ಕ್ರೀಡಾಕೂಟ ಮತ್ತು ಸಾಂಸ್ಕೃತಿಕ ಸ್ಪರ್ಧೆಗಳ ಸಮಾರಂಭವನ್ನು ಧ್ವಜಾರೋಹಣ ನೆರವೇರಿಸುವ ಮೂಲಕ ಉದ್ಘಾಟಿಸಿದರು.

ನಂತರ ಮಾತನಾಡಿ ನೌಕರರ ಕ್ಷೇಮಾಭಿವೃದ್ಧಿಗೆ ಎಲ್ಲಾ ಸಹಕಾರ ನೀಡಲಾಗುವುದು, ಜಿಲ್ಲೆಯ ಅಭಿವೃದ್ಧಿಯಲ್ಲಿ ಸರ್ಕಾರಿ ನೌಕರರ ಪಾತ್ರ ಬಹಳ ಮುಖ್ಯ, ಜಿಲ್ಲೆಯ ಎಲ್ಲಾ ಅಭಿವೃದ್ಧಿ ಕೆಲಸಗಳನ್ನು ತ್ವರಿತವಾಗಿ ಪೂರ್ಣಗೊಳಿಸಬೇಕು. ಪೋಡಿ ಅಭಿಯಾನದಲ್ಲಿ ಮೊದಲ ಜಿಲ್ಲೆಯಾಗಬೇಕು. ಅಭಿವೃದ್ಧಿಯಲ್ಲಿ ಮಾದರಿ ಜಿಲ್ಲೆ ಯನ್ನಾ ಮಾಡಬೇಕು ಈ ನಿಟ್ಟಿನಲ್ಲಿ ಅಧಿಕಾರಿಗಳು ಕೆಲಸ ಮಾಡಬೇಕು ಎಂದರು. ನೌಕರರ ಬೇಡಿಕೆಗಳಿಗೆ ಸರ್ಕಾರದ ಹಂತದಲ್ಲಿ ಚರ್ಚಿಸಲು ಎಲ್ಲಾ ರೀತಿಯ ಪ್ರಯತ್ನ ಮತ್ತು ಸಹಕಾರ ನೀಡಲಾಗುವುದು ಎಂದರು. ಪ್ರತಿಯೊಬ್ಬರು ತಮ್ಮ ಆರೋಗ್ಯ ಮತ್ತು ದೇಹದ ಸದೃಢತೆಯನ್ನು ಕಾಪಾಡಿಕೊಳ್ಳಲು ಕ್ರೀಡೆಯ ಬಹು ಮುಖ್ಯ ಪಾತ್ರ ವಹಿಸುತ್ತದೆ. ಪ್ರತಿಯೊಬ್ಬರು ದಿನನಿತ್ಯ ಕ್ರೀಡೆಯಲ್ಲಿ ತೊಡಗಿಕೊಳ್ಳಬೇಕು. ಸರ್ಕಾರಿ ನೌಕರರು ಕ್ರೀಡಾ ಮನೋಭಾವ ಬೆಳೆಸಿಕೊಳ್ಳಬೇಕು ಎಂದರು.

ಕಾರ್ಯಕ್ರಮದಲ್ಲಿ ಜಿಲ್ಲಾಧಿಕಾರಿ ಎ.ಬಿ ಬಸವರಾಜು, ಜಿ.ಪಂ ಮುಖ್ಯ ಕಾರ್ಯನಿರ್ವಹಣಾಧಿಕಾರಿ ಡಾ.ಕೆ.ಎನ್ ಅನುರಾಧ, ಜಿಲ್ಲಾ ಗ್ಯಾರಂಟಿ ಯೋಜನೆಗಳ ಅನುಷ್ಠಾನ ಪ್ರಾಧಿಕಾರದ ಜಿಲ್ಲಾಧ್ಯಕ್ಷರಾದ ಬಿ.ರಾಜಣ್ಣ, ತಾಲ್ಲೂಕು ಗ್ಯಾರಂಟಿ ಯೋಜನೆಗಳ ಅನುಷ್ಠಾನ ಪ್ರಾಧಿಕಾರದ ತಾಲ್ಲೂಕು ಅಧ್ಯಕ್ಷರಾದ ಜಗನ್ನಾಥ್, ಜಿಲ್ಲಾ ಸರ್ಕಾರಿ ನೌಕರರ ಸಂಘದ ಅಧ್ಯಕ್ಷರಾದ, ಪಿ.ಗಂಗಾಧರಪ್ಪ, ದೇವನಹಳ್ಳಿ ತಹಶೀಲ್ದಾರ್ ಹೆಚ್.ಬಾಲಕೃಷ್ಣ, ಇಒ ಶ್ರೀನಾಥ್ ಗೌಡ, ಜಿಲ್ಲೆಯ ಚುನಾಯಿತ ಜನ ಪ್ರತಿನಿಧಿಗಳು, ಸರ್ಕಾರಿ ನೌಕರರ ಸಂಘದ ಪದಾಧಿಕಾರಿಗಳು, ಸರ್ಕಾರಿ ನೌಕರರು ಉಪಸ್ಥಿತರಿದ್ದರು.
